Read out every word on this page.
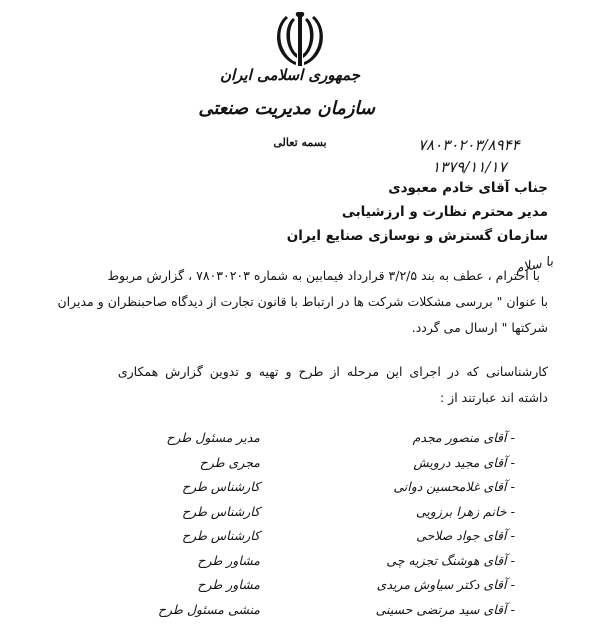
جمهوری اسلامی ایران
سازمان مدیریت صنعتی
بسمه تعالی	۷۸۰۳۰۲۰۳/۸۹۴۴
۱۳۷۹/۱۱/۱۷
جناب آقای خادم معبودی
مدیر محترم نظارت و ارزشیابی
سازمان گسترش و نوسازی صنایع ایران
با سلام
با احترام ، عطف به بند ۳/۲/۵ قرارداد فیمابین به شماره ۷۸۰۳۰۲۰۳ ، گزارش مربوط
با عنوان " بررسی مشکلات شرکت ها در ارتباط با قانون تجارت از دیدگاه صاحبنظران و مدیران
شرکتها " ارسال می گردد.
کارشناسانی که در اجرای این مرحله از طرح و تهیه و تدوین گزارش همکاری
داشته اند عبارتند از :
- آقای منصور مجدم
مدیر مسئول طرح
- آقای مجید درویش
مجری طرح
- آقای غلامحسین دوانی
کارشناس طرح
- خانم زهرا برزویی
کارشناس طرح
- آقای جواد صلاحی
کارشناس طرح
- آقای هوشنگ تجزیه چی
مشاور طرح
- آقای دکتر سیاوش مریدی
مشاور طرح
- آقای سید مرتضی حسینی
منشی مسئول طرح
